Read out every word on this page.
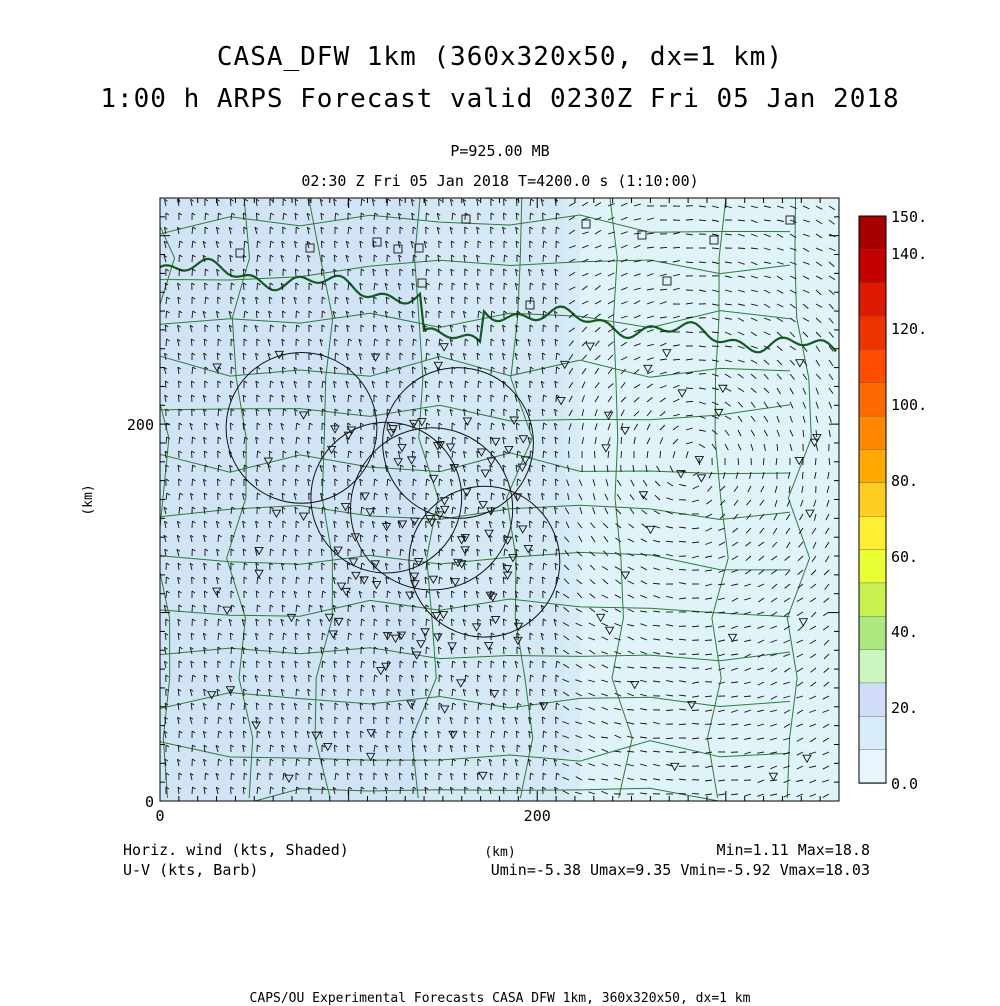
CASA_DFW 1km (360x320x50, dx=1 km)
1:00 h ARPS Forecast valid 0230Z Fri 05 Jan 2018
P=925.00 MB
02:30 Z Fri 05 Jan 2018 T=4200.0 s (1:10:00)
0
200
0	200
(km)
(km)
150.
140.
120.
100.
80.
60.
40.
20.
0.0
Horiz. wind (kts, Shaded)
U-V (kts, Barb)
Min=1.11 Max=18.8
Umin=-5.38 Umax=9.35 Vmin=-5.92 Vmax=18.03
CAPS/OU Experimental Forecasts CASA DFW 1km, 360x320x50, dx=1 km
